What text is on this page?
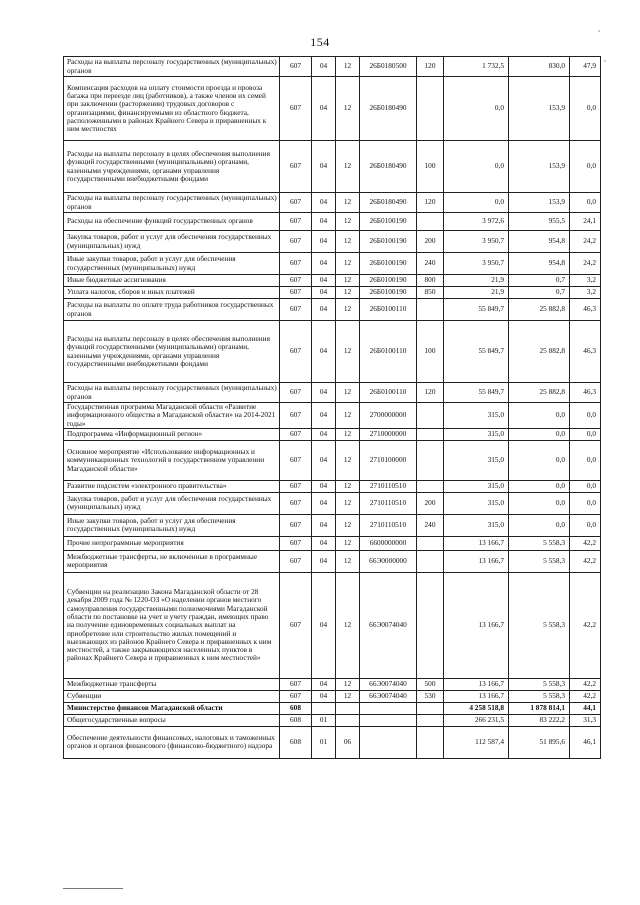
154
Расходы на выплаты персоналу государственных (муниципальных) органов	607	04	12	26Б0180500	120	1 732,5	830,0	47,9
Компенсация расходов на оплату стоимости проезда и провоза багажа при переезде лиц (работников), а также членов их семей при заключении (расторжении) трудовых договоров с организациями, финансируемыми из областного бюджета, расположенными в районах Крайнего Севера и приравненных к ним местностях	607	04	12	26Б0180490		0,0	153,9	0,0
Расходы на выплаты персоналу в целях обеспечения выполнения функций государственными (муниципальными) органами, казенными учреждениями, органами управления государственными внебюджетными фондами	607	04	12	26Б0180490	100	0,0	153,9	0,0
Расходы на выплаты персоналу государственных (муниципальных) органов	607	04	12	26Б0180490	120	0,0	153,9	0,0
Расходы на обеспечение функций государственных органов	607	04	12	26Б0100190		3 972,6	955,5	24,1
Закупка товаров, работ и услуг для обеспечения государственных (муниципальных) нужд	607	04	12	26Б0100190	200	3 950,7	954,8	24,2
Иные закупки товаров, работ и услуг для обеспечения государственных (муниципальных) нужд	607	04	12	26Б0100190	240	3 950,7	954,8	24,2
Иные бюджетные ассигнования	607	04	12	26Б0100190	800	21,9	0,7	3,2
Уплата налогов, сборов и иных платежей	607	04	12	26Б0100190	850	21,9	0,7	3,2
Расходы на выплаты по оплате труда работников государственных органов	607	04	12	26Б0100110		55 849,7	25 882,8	46,3
Расходы на выплаты персоналу в целях обеспечения выполнения функций государственными (муниципальными) органами, казенными учреждениями, органами управления государственными внебюджетными фондами	607	04	12	26Б0100110	100	55 849,7	25 882,8	46,3
Расходы на выплаты персоналу государственных (муниципальных) органов	607	04	12	26Б0100110	120	55 849,7	25 882,8	46,3
Государственная программа Магаданской области «Развитие информационного общества в Магаданской области» на 2014-2021 годы»	607	04	12	2700000000		315,0	0,0	0,0
Подпрограмма «Информационный регион»	607	04	12	2710000000		315,0	0,0	0,0
Основное мероприятие «Использование информационных и коммуникационных технологий в государственном управлении Магаданской области»	607	04	12	2710100000		315,0	0,0	0,0
Развитие подсистем «электронного правительства»	607	04	12	2710110510		315,0	0,0	0,0
Закупка товаров, работ и услуг для обеспечения государственных (муниципальных) нужд	607	04	12	2710110510	200	315,0	0,0	0,0
Иные закупки товаров, работ и услуг для обеспечения государственных (муниципальных) нужд	607	04	12	2710110510	240	315,0	0,0	0,0
Прочие непрограммные мероприятия	607	04	12	6600000000		13 166,7	5 558,3	42,2
Межбюджетные трансферты, не включенные в программные мероприятия	607	04	12	66Э0000000		13 166,7	5 558,3	42,2
Субвенции на реализацию Закона Магаданской области от 28 декабря 2009 года № 1220-ОЗ «О наделении органов местного самоуправления государственными полномочиями Магаданской области по постановке на учет и учету граждан, имеющих право на получение единовременных социальных выплат на приобретение или строительство жилых помещений и выезжающих из районов Крайнего Севера и приравненных к ним местностей, а также закрывающихся населенных пунктов в районах Крайнего Севера и приравненных к ним местностей»	607	04	12	66Э0074040		13 166,7	5 558,3	42,2
Межбюджетные трансферты	607	04	12	66Э0074040	500	13 166,7	5 558,3	42,2
Субвенции	607	04	12	66Э0074040	530	13 166,7	5 558,3	42,2
Министерство финансов Магаданской области	608					4 258 518,8	1 878 814,1	44,1
Общегосударственные вопросы	608	01				266 231,5	83 222,2	31,3
Обеспечение деятельности финансовых, налоговых и таможенных органов и органов финансового (финансово-бюджетного) надзора	608	01	06			112 587,4	51 895,6	46,1
